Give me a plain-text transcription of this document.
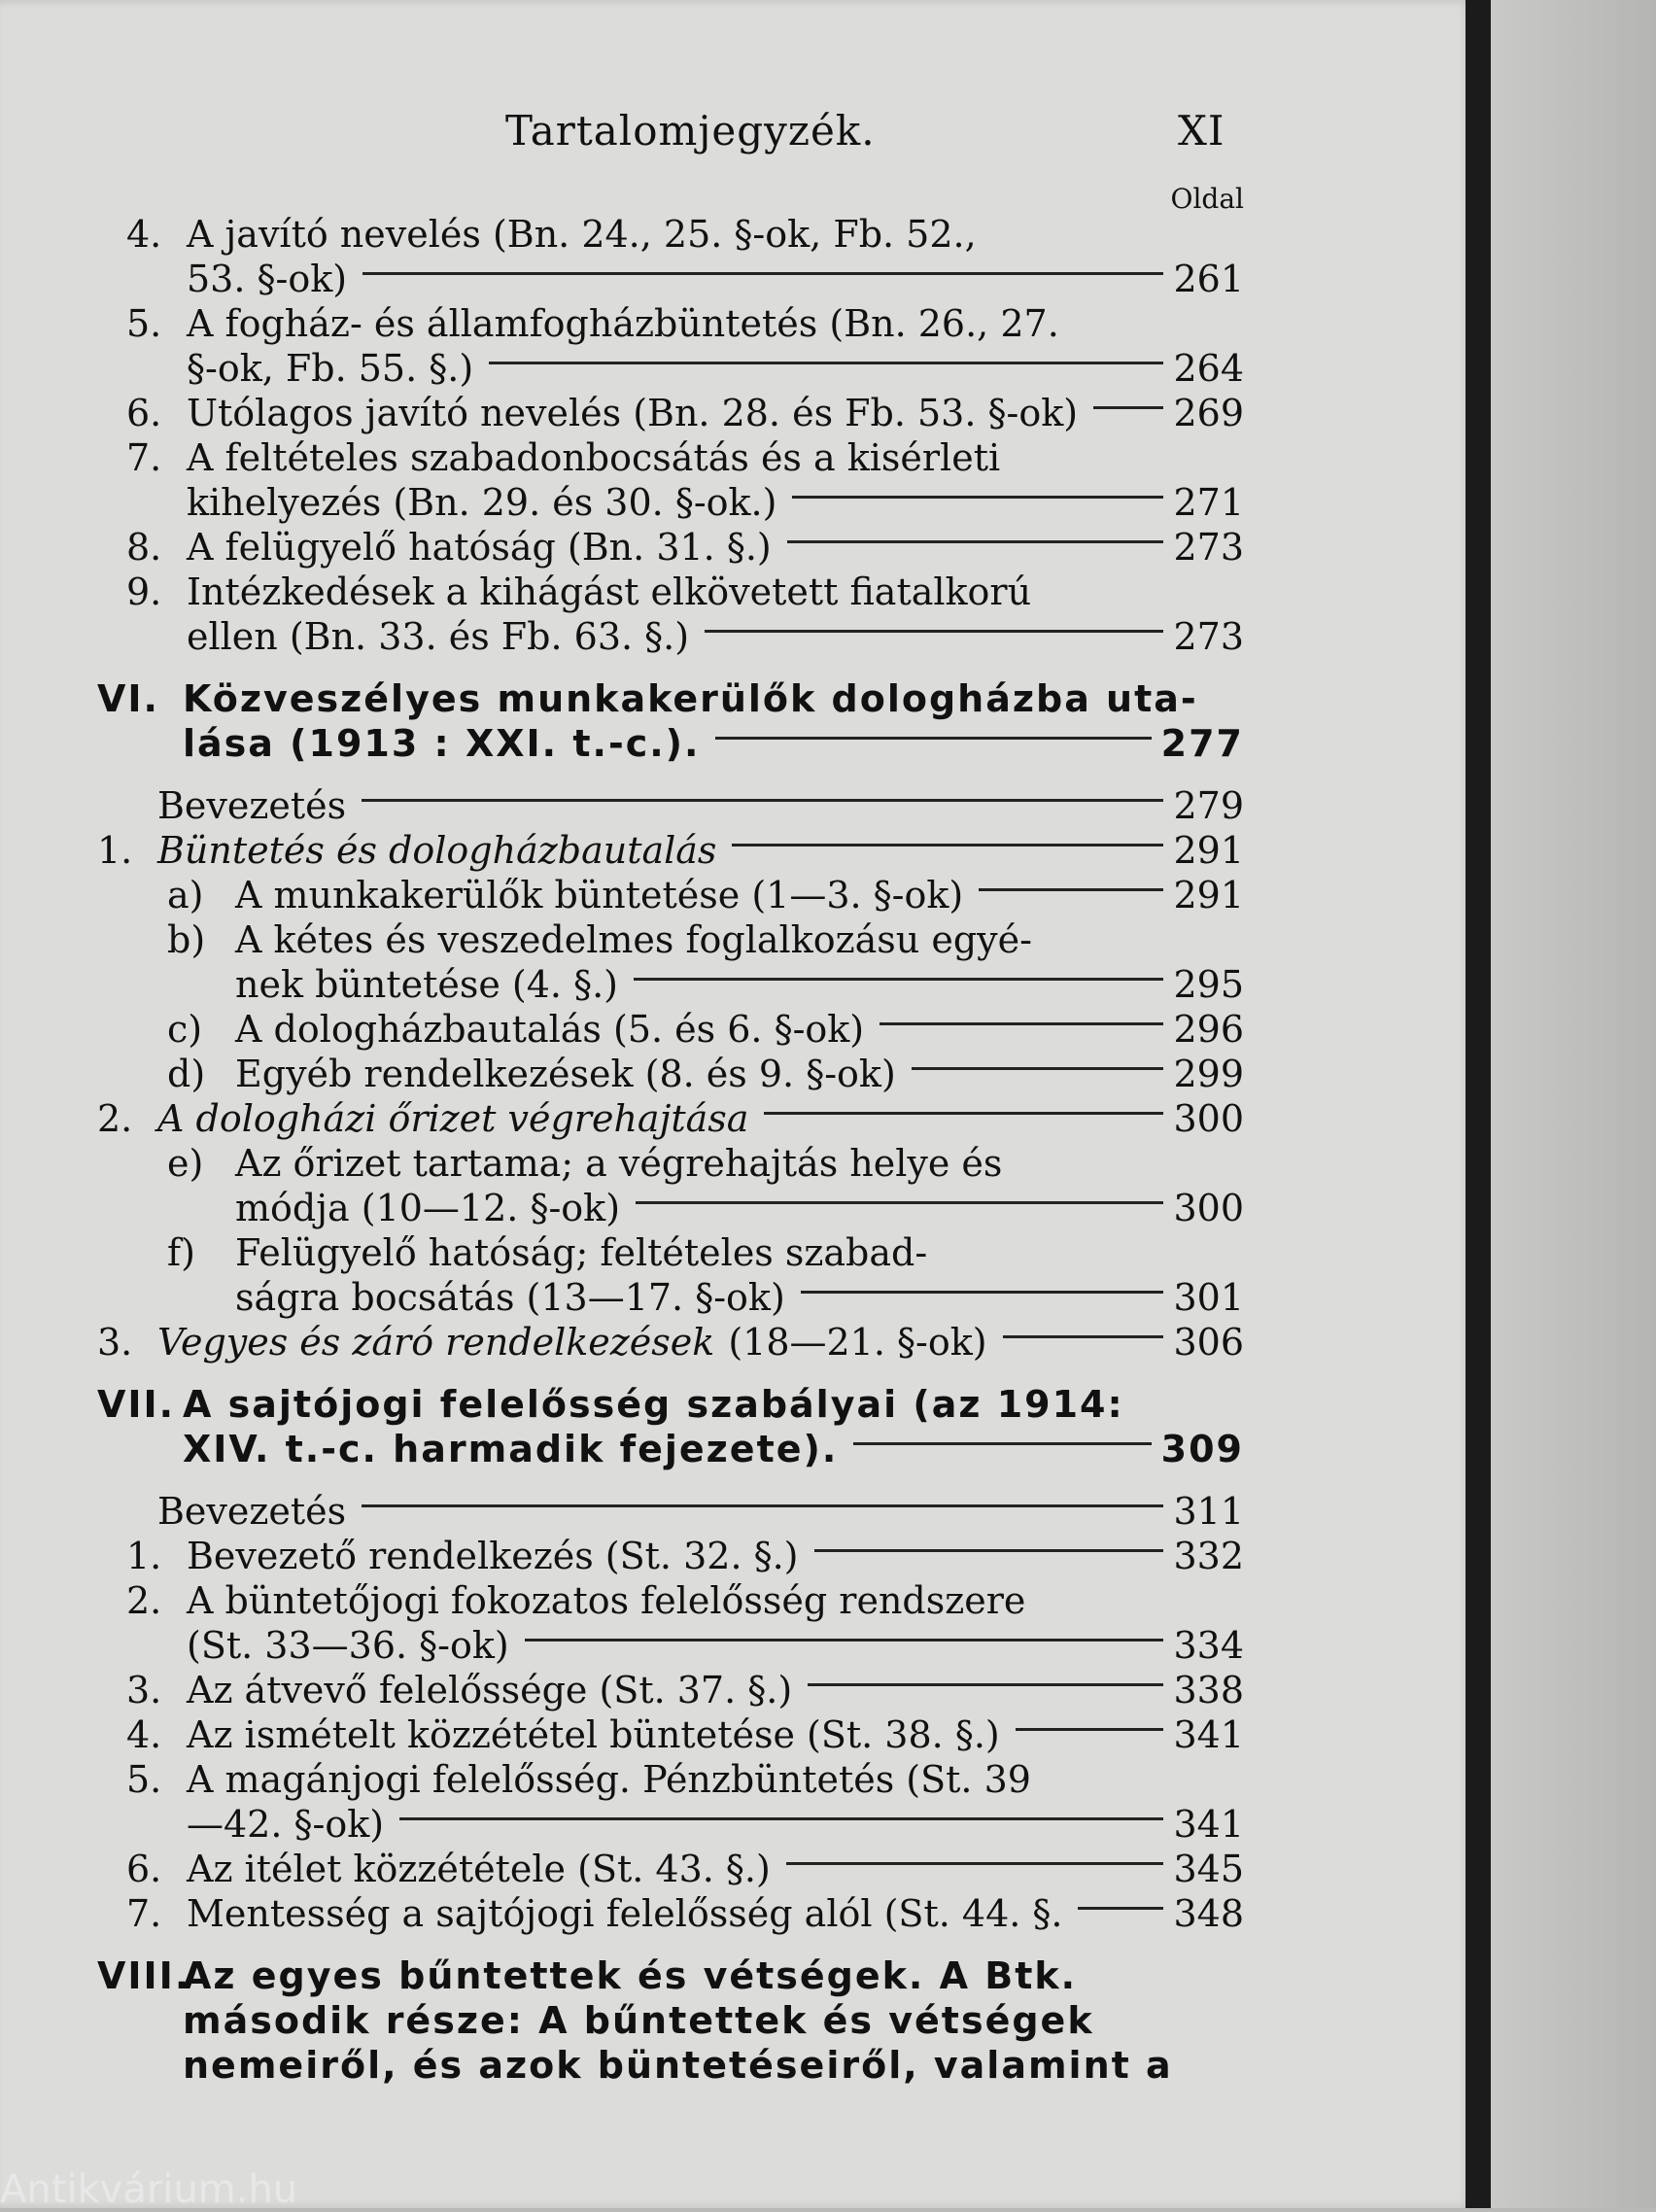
Tartalomjegyzék.	XI
Oldal
4. A javító nevelés (Bn. 24., 25. §-ok, Fb. 52.,
53. §-ok)	261
5. A fogház- és államfogházbüntetés (Bn. 26., 27.
§-ok, Fb. 55. §.)	264
6. Utólagos javító nevelés (Bn. 28. és Fb. 53. §-ok)	269
7. A feltételes szabadonbocsátás és a kisérleti
kihelyezés (Bn. 29. és 30. §-ok.)	271
8. A felügyelő hatóság (Bn. 31. §.)	273
9. Intézkedések a kihágást elkövetett fiatalkorú
ellen (Bn. 33. és Fb. 63. §.)	273
VI. Közveszélyes munkakerülők dologházba uta-
lása (1913 : XXI. t.-c.).	277
Bevezetés	279
1. Büntetés és dologházbautalás	291
a) A munkakerülők büntetése (1—3. §-ok)	291
b) A kétes és veszedelmes foglalkozásu egyé-
nek büntetése (4. §.)	295
c) A dologházbautalás (5. és 6. §-ok)	296
d) Egyéb rendelkezések (8. és 9. §-ok)	299
2. A dologházi őrizet végrehajtása	300
e) Az őrizet tartama; a végrehajtás helye és
módja (10—12. §-ok)	300
f)	Felügyelő hatóság; feltételes szabad-
ságra bocsátás (13—17. §-ok)	301
3. Vegyes és záró rendelkezések (18—21. §-ok)	306
VII. A sajtójogi felelősség szabályai (az 1914:
XIV. t.-c. harmadik fejezete).	309
Bevezetés	311
1. Bevezető rendelkezés (St. 32. §.)	332
2. A büntetőjogi fokozatos felelősség rendszere
(St. 33—36. §-ok)	334
3. Az átvevő felelőssége (St. 37. §.)	338
4. Az ismételt közzététel büntetése (St. 38. §.)	341
5. A magánjogi felelősség. Pénzbüntetés (St. 39
—42. §-ok)	341
6. Az itélet közzététele (St. 43. §.)	345
7. Mentesség a sajtójogi felelősség alól (St. 44. §.	348
VIII.
Az egyes bűntettek és vétségek. A Btk.
második része: A bűntettek és vétségek
nemeiről, és azok büntetéseiről, valamint a
Antikvárium.hu
